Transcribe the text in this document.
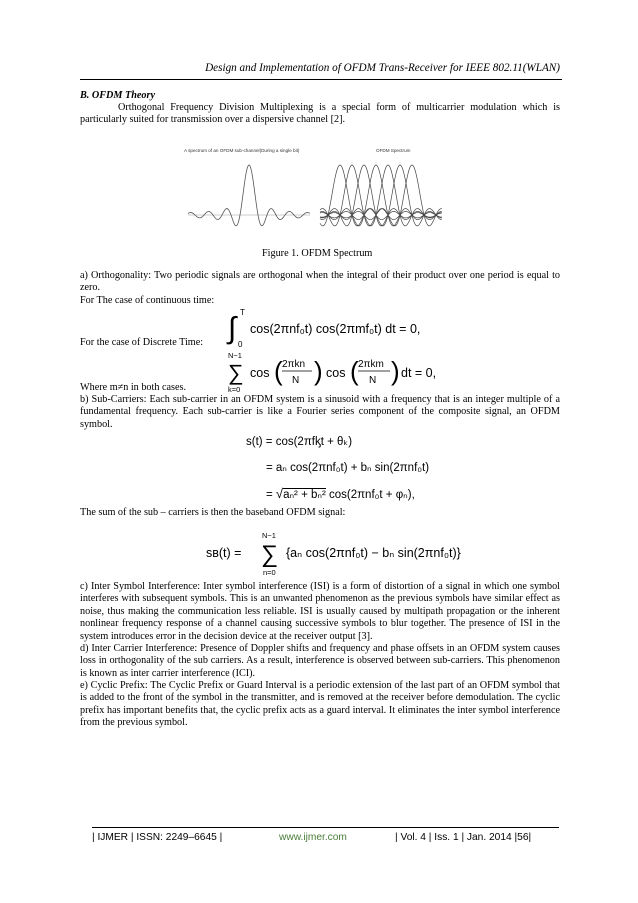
Design and Implementation of OFDM Trans-Receiver for IEEE 802.11(WLAN)
B. OFDM Theory
Orthogonal Frequency Division Multiplexing is a special form of multicarrier modulation which is particularly suited for transmission over a dispersive channel [2].
A spectrum of an OFDM sub-channel(During a single bit)	OFDM Spectrum
Figure 1. OFDM Spectrum
a) Orthogonality: Two periodic signals are orthogonal when the integral of their product over one period is equal to zero.
For The case of continuous time:
T
∫ 0
cos(2πnf₀t) cos(2πmf₀t) dt = 0,
For the case of Discrete Time:
N−1
∑
k=0
cos ( 2πkn
N ) cos ( 2πkm
N ) dt = 0,
Where m≠n in both cases.
b) Sub-Carriers: Each sub-carrier in an OFDM system is a sinusoid with a frequency that is an integer multiple of a fundamental frequency. Each sub-carrier is like a Fourier series component of the composite signal, an OFDM symbol.
s(t) = cos(2πfᶄt + θₖ)
= aₙ cos(2πnf₀t) + bₙ sin(2πnf₀t)
= √aₙ² + bₙ² cos(2πnf₀t + φₙ),
The sum of the sub – carriers is then the baseband OFDM signal:
sʙ(t) =
N−1
∑
n=0
{aₙ cos(2πnf₀t) − bₙ sin(2πnf₀t)}
c) Inter Symbol Interference: Inter symbol interference (ISI) is a form of distortion of a signal in which one symbol interferes with subsequent symbols. This is an unwanted phenomenon as the previous symbols have similar effect as noise, thus making the communication less reliable. ISI is usually caused by multipath propagation or the inherent nonlinear frequency response of a channel causing successive symbols to blur together. The presence of ISI in the system introduces error in the decision device at the receiver output [3].
d) Inter Carrier Interference: Presence of Doppler shifts and frequency and phase offsets in an OFDM system causes loss in orthogonality of the sub carriers. As a result, interference is observed between sub-carriers. This phenomenon is known as inter carrier interference (ICI).
e) Cyclic Prefix: The Cyclic Prefix or Guard Interval is a periodic extension of the last part of an OFDM symbol that is added to the front of the symbol in the transmitter, and is removed at the receiver before demodulation. The cyclic prefix has important benefits that, the cyclic prefix acts as a guard interval. It eliminates the inter symbol interference from the previous symbol.
| IJMER | ISSN: 2249–6645 |	www.ijmer.com	| Vol. 4 | Iss. 1 | Jan. 2014 |56|
